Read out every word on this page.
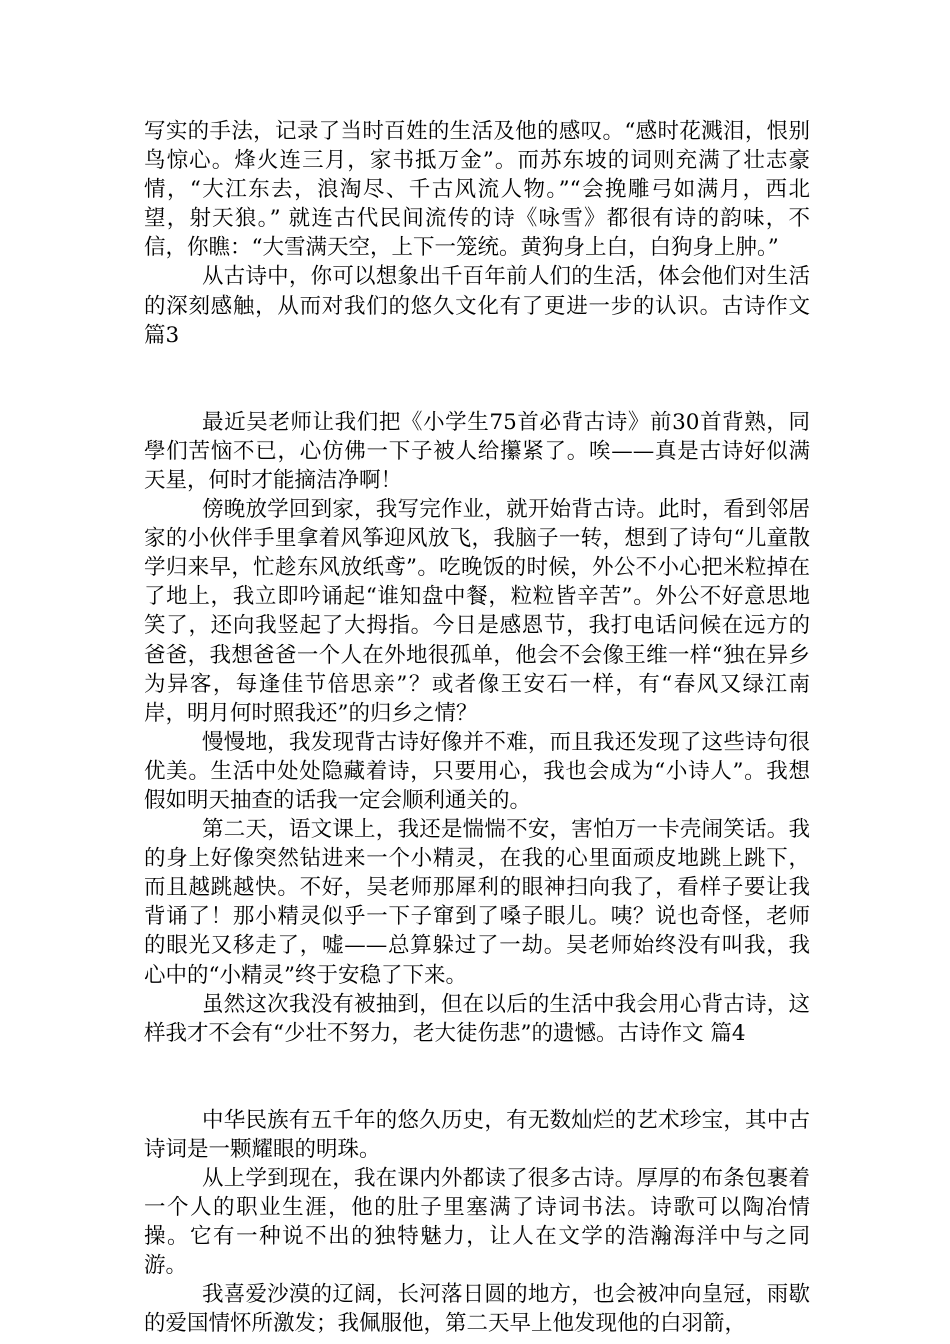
写实的手法，记录了当时百姓的生活及他的感叹。“感时花溅泪，恨别鸟惊心。烽火连三月，家书抵万金”。而苏东坡的词则充满了壮志豪情，“大江东去，浪淘尽、千古风流人物。”“会挽雕弓如满月，西北望，射天狼。” 就连古代民间流传的诗《咏雪》都很有诗的韵味，不信，你瞧：“大雪满天空，上下一笼统。黄狗身上白，白狗身上肿。”

从古诗中，你可以想象出千百年前人们的生活，体会他们对生活的深刻感触，从而对我们的悠久文化有了更进一步的认识。古诗作文 篇3

最近吴老师让我们把《小学生75首必背古诗》前30首背熟，同學们苦恼不已，心仿佛一下子被人给攥紧了。唉——真是古诗好似满天星，何时才能摘洁净啊！

傍晚放学回到家，我写完作业，就开始背古诗。此时，看到邻居家的小伙伴手里拿着风筝迎风放飞，我脑子一转，想到了诗句“儿童散学归来早，忙趁东风放纸鸢”。吃晚饭的时候，外公不小心把米粒掉在了地上，我立即吟诵起“谁知盘中餐，粒粒皆辛苦”。外公不好意思地笑了，还向我竖起了大拇指。今日是感恩节，我打电话问候在远方的爸爸，我想爸爸一个人在外地很孤单，他会不会像王维一样“独在异乡为异客，每逢佳节倍思亲”？或者像王安石一样，有“春风又绿江南岸，明月何时照我还”的归乡之情？

慢慢地，我发现背古诗好像并不难，而且我还发现了这些诗句很优美。生活中处处隐藏着诗，只要用心，我也会成为“小诗人”。我想假如明天抽查的话我一定会顺利通关的。

第二天，语文课上，我还是惴惴不安，害怕万一卡壳闹笑话。我的身上好像突然钻进来一个小精灵，在我的心里面顽皮地跳上跳下，而且越跳越快。不好，吴老师那犀利的眼神扫向我了，看样子要让我背诵了！那小精灵似乎一下子窜到了嗓子眼儿。咦？说也奇怪，老师的眼光又移走了，嘘——总算躲过了一劫。吴老师始终没有叫我，我心中的“小精灵”终于安稳了下来。

虽然这次我没有被抽到，但在以后的生活中我会用心背古诗，这样我才不会有“少壮不努力，老大徒伤悲”的遗憾。古诗作文 篇4

中华民族有五千年的悠久历史，有无数灿烂的艺术珍宝，其中古诗词是一颗耀眼的明珠。

从上学到现在，我在课内外都读了很多古诗。厚厚的布条包裹着一个人的职业生涯，他的肚子里塞满了诗词书法。诗歌可以陶冶情操。它有一种说不出的独特魅力，让人在文学的浩瀚海洋中与之同游。

我喜爱沙漠的辽阔，长河落日圆的地方，也会被冲向皇冠，雨歇的爱国情怀所激发；我佩服他，第二天早上他发现他的白羽箭，
